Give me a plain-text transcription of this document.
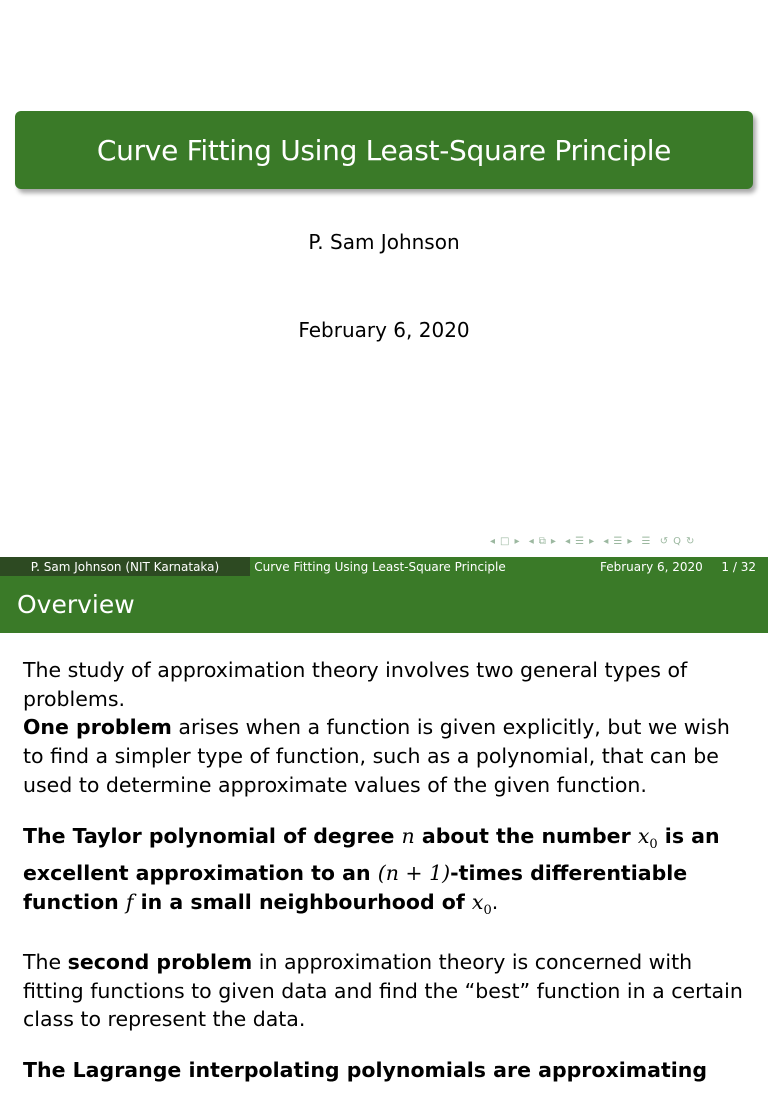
Curve Fitting Using Least-Square Principle
P. Sam Johnson
February 6, 2020
◂ □ ▸ ◂ ⧉ ▸ ◂ ☰ ▸ ◂ ☰ ▸ ☰ ↺ Q ↻
P. Sam Johnson (NIT Karnataka)	Curve Fitting Using Least-Square Principle	February 6, 2020 1 / 32
Overview

The study of approximation theory involves two general types of problems.
One problem arises when a function is given explicitly, but we wish to find a simpler type of function, such as a polynomial, that can be used to determine approximate values of the given function.

The Taylor polynomial of degree n about the number $x_0$ is an excellent approximation to an (n + 1)-times differentiable function f in a small neighbourhood of $x_0$.

The second problem in approximation theory is concerned with fitting functions to given data and find the “best” function in a certain class to represent the data.

The Lagrange interpolating polynomials are approximating
